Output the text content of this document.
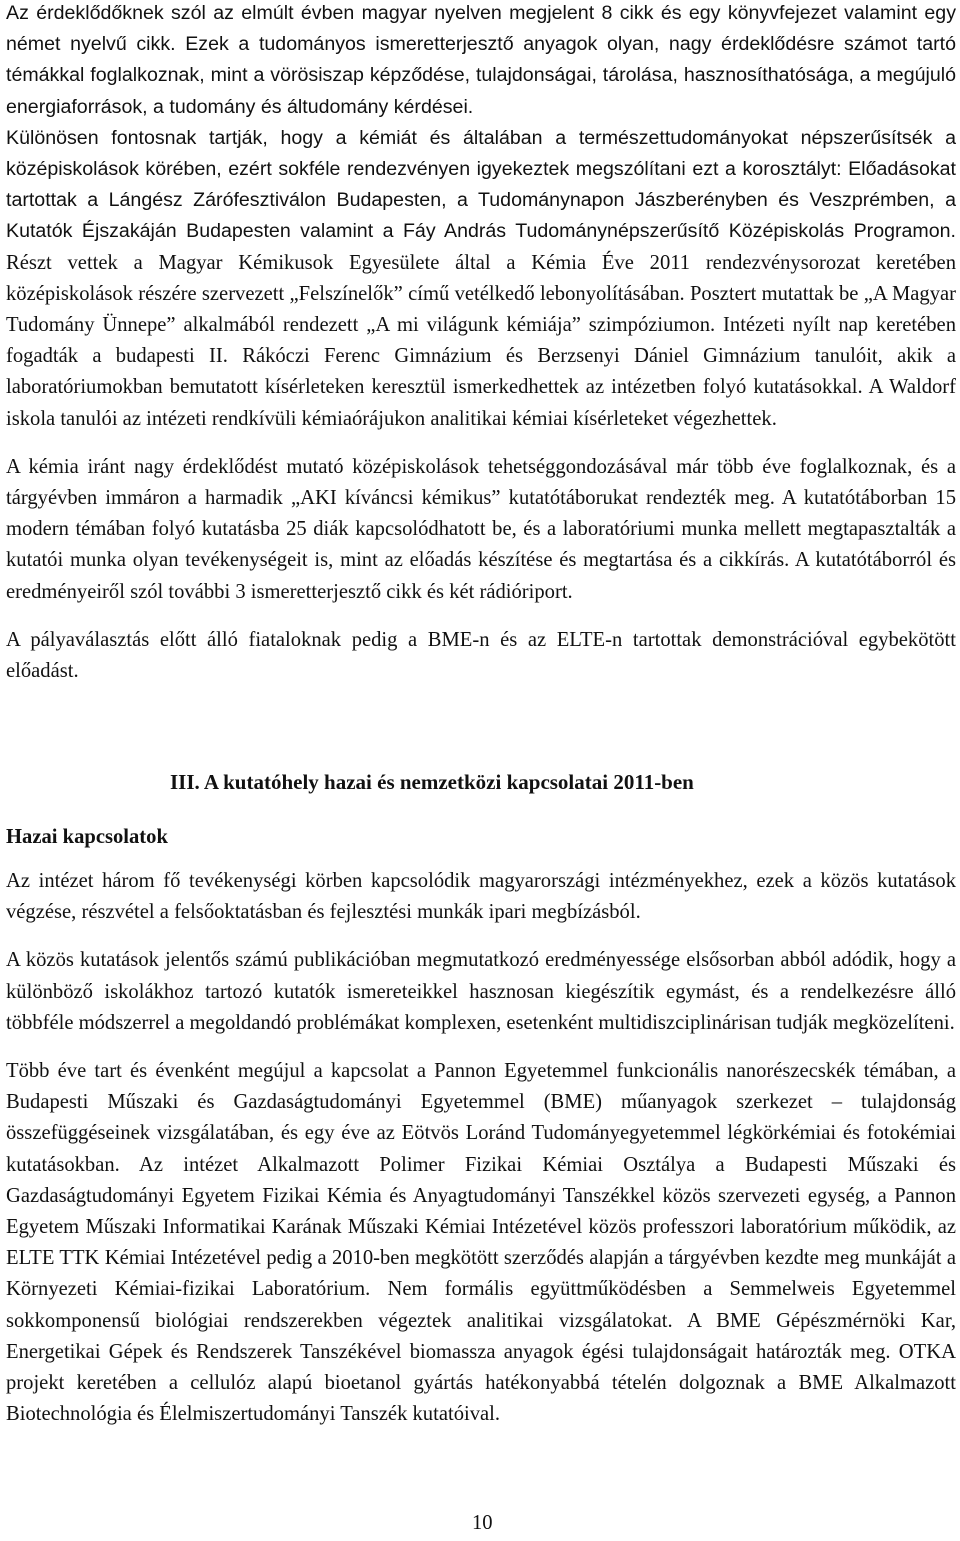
Az érdeklődőknek szól az elmúlt évben magyar nyelven megjelent 8 cikk és egy könyvfejezet valamint egy német nyelvű cikk. Ezek a tudományos ismeretterjesztő anyagok olyan, nagy érdeklődésre számot tartó témákkal foglalkoznak, mint a vörösiszap képződése, tulajdonságai, tárolása, hasznosíthatósága, a megújuló energiaforrások, a tudomány és áltudomány kérdései.

Különösen fontosnak tartják, hogy a kémiát és általában a természettudományokat népszerűsítsék a középiskolások körében, ezért sokféle rendezvényen igyekeztek megszólítani ezt a korosztályt: Előadásokat tartottak a Lángész Zárófesztiválon Budapesten, a Tudománynapon Jászberényben és Veszprémben, a Kutatók Éjszakáján Budapesten valamint a Fáy András Tudománynépszerűsítő Középiskolás Programon. Részt vettek a Magyar Kémikusok Egyesülete által a Kémia Éve 2011 rendezvénysorozat keretében középiskolások részére szervezett „Felszínelők” című vetélkedő lebonyolításában. Posztert mutattak be „A Magyar Tudomány Ünnepe” alkalmából rendezett „A mi világunk kémiája” szimpóziumon. Intézeti nyílt nap keretében fogadták a budapesti II. Rákóczi Ferenc Gimnázium és Berzsenyi Dániel Gimnázium tanulóit, akik a laboratóriumokban bemutatott kísérleteken keresztül ismerkedhettek az intézetben folyó kutatásokkal. A Waldorf iskola tanulói az intézeti rendkívüli kémiaórájukon analitikai kémiai kísérleteket végezhettek.

A kémia iránt nagy érdeklődést mutató középiskolások tehetséggondozásával már több éve foglalkoznak, és a tárgyévben immáron a harmadik „AKI kíváncsi kémikus” kutatótáborukat rendezték meg. A kutatótáborban 15 modern témában folyó kutatásba 25 diák kapcsolódhatott be, és a laboratóriumi munka mellett megtapasztalták a kutatói munka olyan tevékenységeit is, mint az előadás készítése és megtartása és a cikkírás. A kutatótáborról és eredményeiről szól további 3 ismeretterjesztő cikk és két rádióriport.

A pályaválasztás előtt álló fiataloknak pedig a BME-n és az ELTE-n tartottak demonstrációval egybekötött előadást.

III. A kutatóhely hazai és nemzetközi kapcsolatai 2011-ben
Hazai kapcsolatok

Az intézet három fő tevékenységi körben kapcsolódik magyarországi intézményekhez, ezek a közös kutatások végzése, részvétel a felsőoktatásban és fejlesztési munkák ipari megbízásból.

A közös kutatások jelentős számú publikációban megmutatkozó eredményessége elsősorban abból adódik, hogy a különböző iskolákhoz tartozó kutatók ismereteikkel hasznosan kiegészítik egymást, és a rendelkezésre álló többféle módszerrel a megoldandó problémákat komplexen, esetenként multidiszciplinárisan tudják megközelíteni.

Több éve tart és évenként megújul a kapcsolat a Pannon Egyetemmel funkcionális nanorészecskék témában, a Budapesti Műszaki és Gazdaságtudományi Egyetemmel (BME) műanyagok szerkezet – tulajdonság összefüggéseinek vizsgálatában, és egy éve az Eötvös Loránd Tudományegyetemmel légkörkémiai és fotokémiai kutatásokban. Az intézet Alkalmazott Polimer Fizikai Kémiai Osztálya a Budapesti Műszaki és Gazdaságtudományi Egyetem Fizikai Kémia és Anyagtudományi Tanszékkel közös szervezeti egység, a Pannon Egyetem Műszaki Informatikai Karának Műszaki Kémiai Intézetével közös professzori laboratórium működik, az ELTE TTK Kémiai Intézetével pedig a 2010-ben megkötött szerződés alapján a tárgyévben kezdte meg munkáját a Környezeti Kémiai-fizikai Laboratórium. Nem formális együttműködésben a Semmelweis Egyetemmel sokkomponensű biológiai rendszerekben végeztek analitikai vizsgálatokat. A BME Gépészmérnöki Kar, Energetikai Gépek és Rendszerek Tanszékével biomassza anyagok égési tulajdonságait határozták meg. OTKA projekt keretében a cellulóz alapú bioetanol gyártás hatékonyabbá tételén dolgoznak a BME Alkalmazott Biotechnológia és Élelmiszertudományi Tanszék kutatóival.

10
